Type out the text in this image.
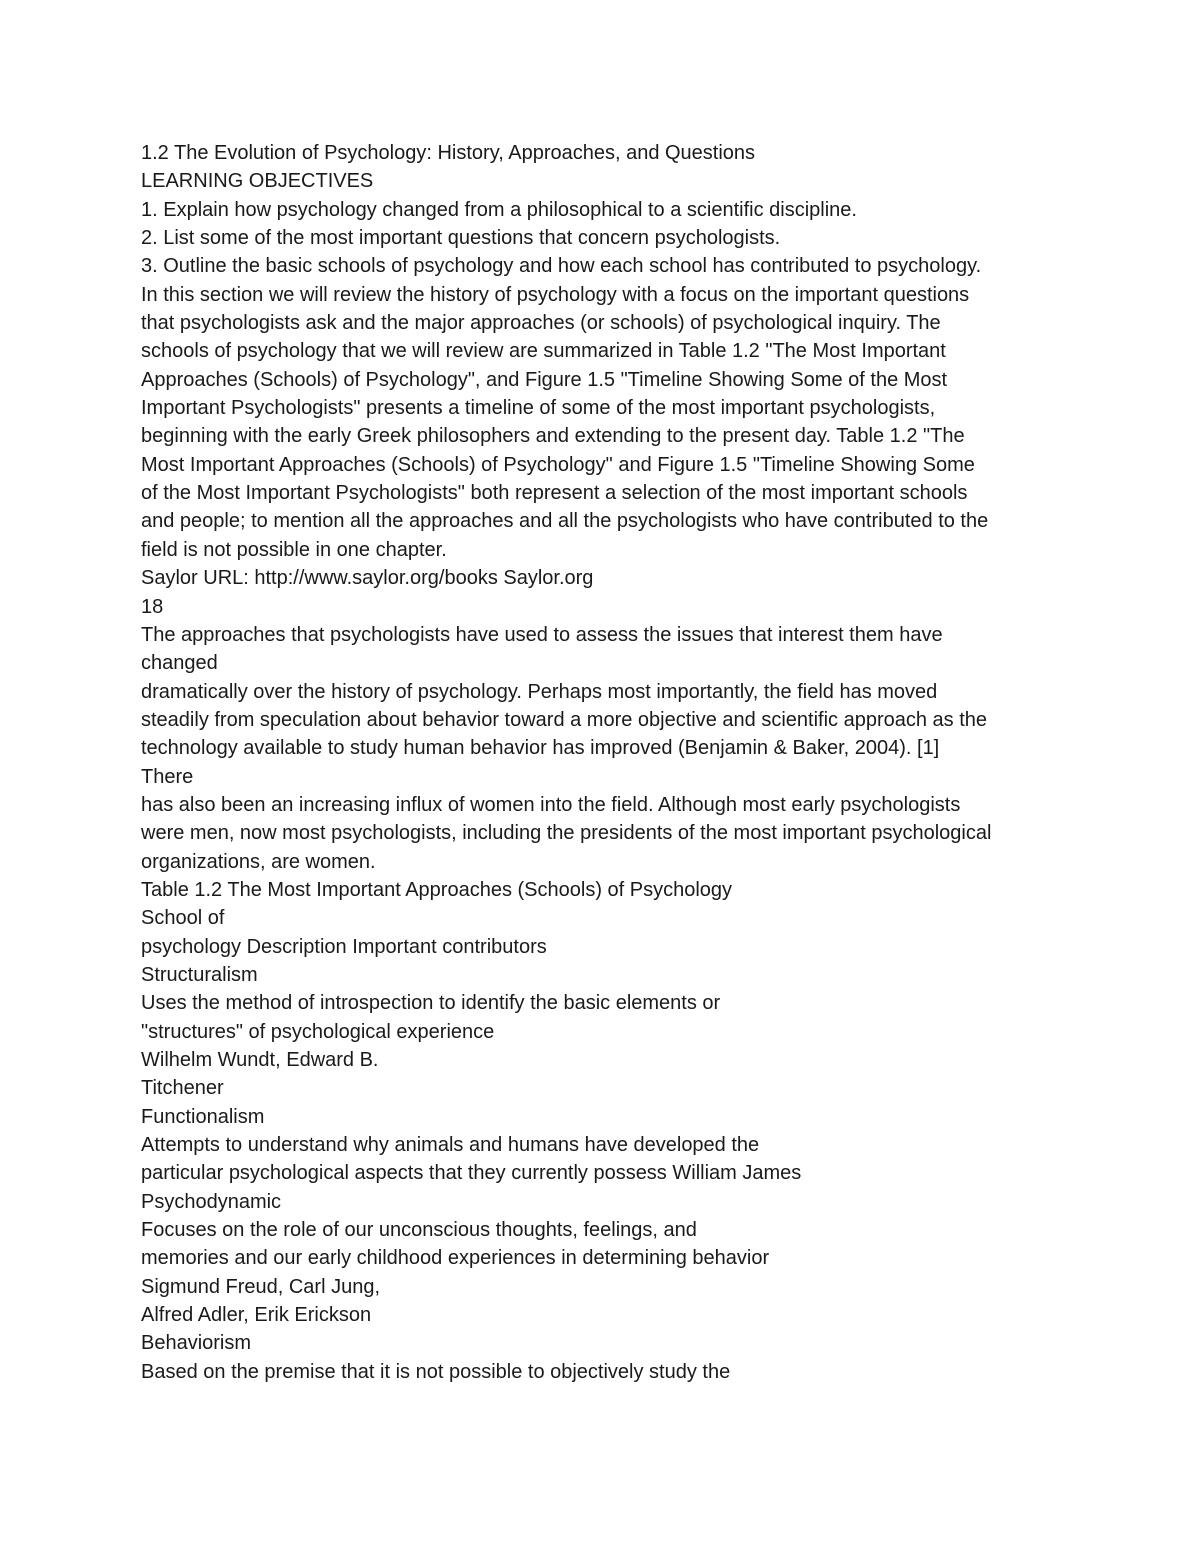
1.2 The Evolution of Psychology: History, Approaches, and Questions
LEARNING OBJECTIVES
1. Explain how psychology changed from a philosophical to a scientific discipline.
2. List some of the most important questions that concern psychologists.
3. Outline the basic schools of psychology and how each school has contributed to psychology.
In this section we will review the history of psychology with a focus on the important questions
that psychologists ask and the major approaches (or schools) of psychological inquiry. The
schools of psychology that we will review are summarized in Table 1.2 "The Most Important
Approaches (Schools) of Psychology", and Figure 1.5 "Timeline Showing Some of the Most
Important Psychologists" presents a timeline of some of the most important psychologists,
beginning with the early Greek philosophers and extending to the present day. Table 1.2 "The
Most Important Approaches (Schools) of Psychology" and Figure 1.5 "Timeline Showing Some
of the Most Important Psychologists" both represent a selection of the most important schools
and people; to mention all the approaches and all the psychologists who have contributed to the
field is not possible in one chapter.
Saylor URL: http://www.saylor.org/books Saylor.org
18
The approaches that psychologists have used to assess the issues that interest them have
changed
dramatically over the history of psychology. Perhaps most importantly, the field has moved
steadily from speculation about behavior toward a more objective and scientific approach as the
technology available to study human behavior has improved (Benjamin & Baker, 2004). [1]
There
has also been an increasing influx of women into the field. Although most early psychologists
were men, now most psychologists, including the presidents of the most important psychological
organizations, are women.
Table 1.2 The Most Important Approaches (Schools) of Psychology
School of
psychology Description Important contributors
Structuralism
Uses the method of introspection to identify the basic elements or
"structures" of psychological experience
Wilhelm Wundt, Edward B.
Titchener
Functionalism
Attempts to understand why animals and humans have developed the
particular psychological aspects that they currently possess William James
Psychodynamic
Focuses on the role of our unconscious thoughts, feelings, and
memories and our early childhood experiences in determining behavior
Sigmund Freud, Carl Jung,
Alfred Adler, Erik Erickson
Behaviorism
Based on the premise that it is not possible to objectively study the
